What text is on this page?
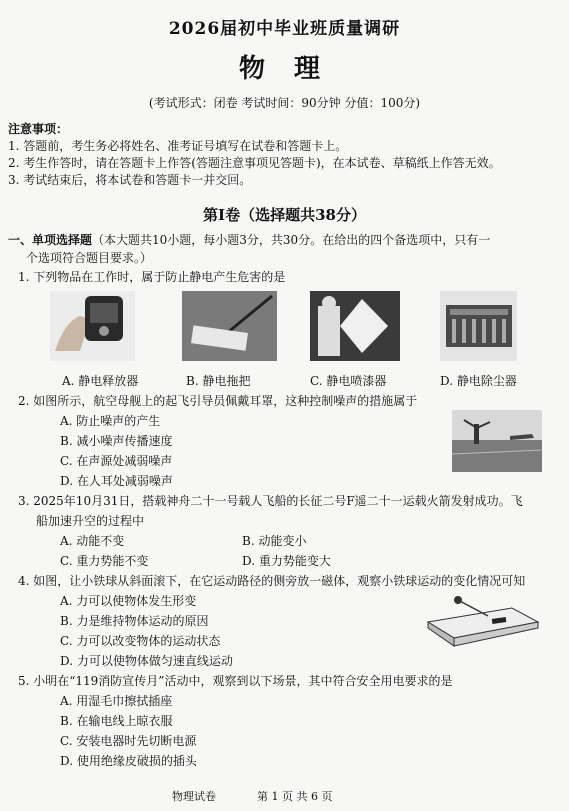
2026届初中毕业班质量调研
物 理
(考试形式：闭卷 考试时间：90分钟 分值：100分)
注意事项：
1. 答题前，考生务必将姓名、准考证号填写在试卷和答题卡上。
2. 考生作答时，请在答题卡上作答(答题注意事项见答题卡)，在本试卷、草稿纸上作答无效。
3. 考试结束后，将本试卷和答题卡一并交回。
第Ⅰ卷（选择题共38分）
一、单项选择题（本大题共10小题，每小题3分，共30分。在给出的四个备选项中，只有一
个选项符合题目要求。）
1. 下列物品在工作时，属于防止静电产生危害的是
A. 静电释放器	B. 静电拖把	C. 静电喷漆器	D. 静电除尘器
2. 如图所示，航空母舰上的起飞引导员佩戴耳罩，这种控制噪声的措施属于
A. 防止噪声的产生
B. 减小噪声传播速度
C. 在声源处减弱噪声
D. 在人耳处减弱噪声
3. 2025年10月31日，搭载神舟二十一号载人飞船的长征二号F遥二十一运载火箭发射成功。飞
船加速升空的过程中
A. 动能不变	B. 动能变小
C. 重力势能不变	D. 重力势能变大
4. 如图，让小铁球从斜面滚下，在它运动路径的侧旁放一磁体，观察小铁球运动的变化情况可知
A. 力可以使物体发生形变
B. 力是维持物体运动的原因
C. 力可以改变物体的运动状态
D. 力可以使物体做匀速直线运动
5. 小明在“119消防宣传月”活动中，观察到以下场景，其中符合安全用电要求的是
A. 用湿毛巾擦拭插座
B. 在输电线上晾衣服
C. 安装电器时先切断电源
D. 使用绝缘皮破损的插头
物理试卷	第 1 页 共 6 页
